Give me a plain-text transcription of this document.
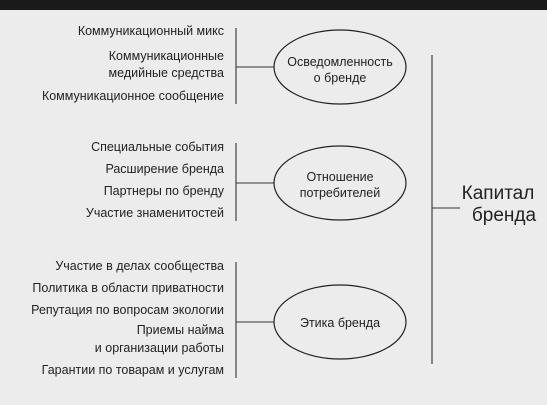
Коммуникационный микс
Коммуникационные
медийные средства
Коммуникационное сообщение
Осведомленность
о бренде
Специальные события
Расширение бренда
Партнеры по бренду
Участие знаменитостей
Отношение
потребителей
Участие в делах сообщества
Политика в области приватности
Репутация по вопросам экологии
Приемы найма
и организации работы
Гарантии по товарам и услугам
Этика бренда
Капитал
бренда
